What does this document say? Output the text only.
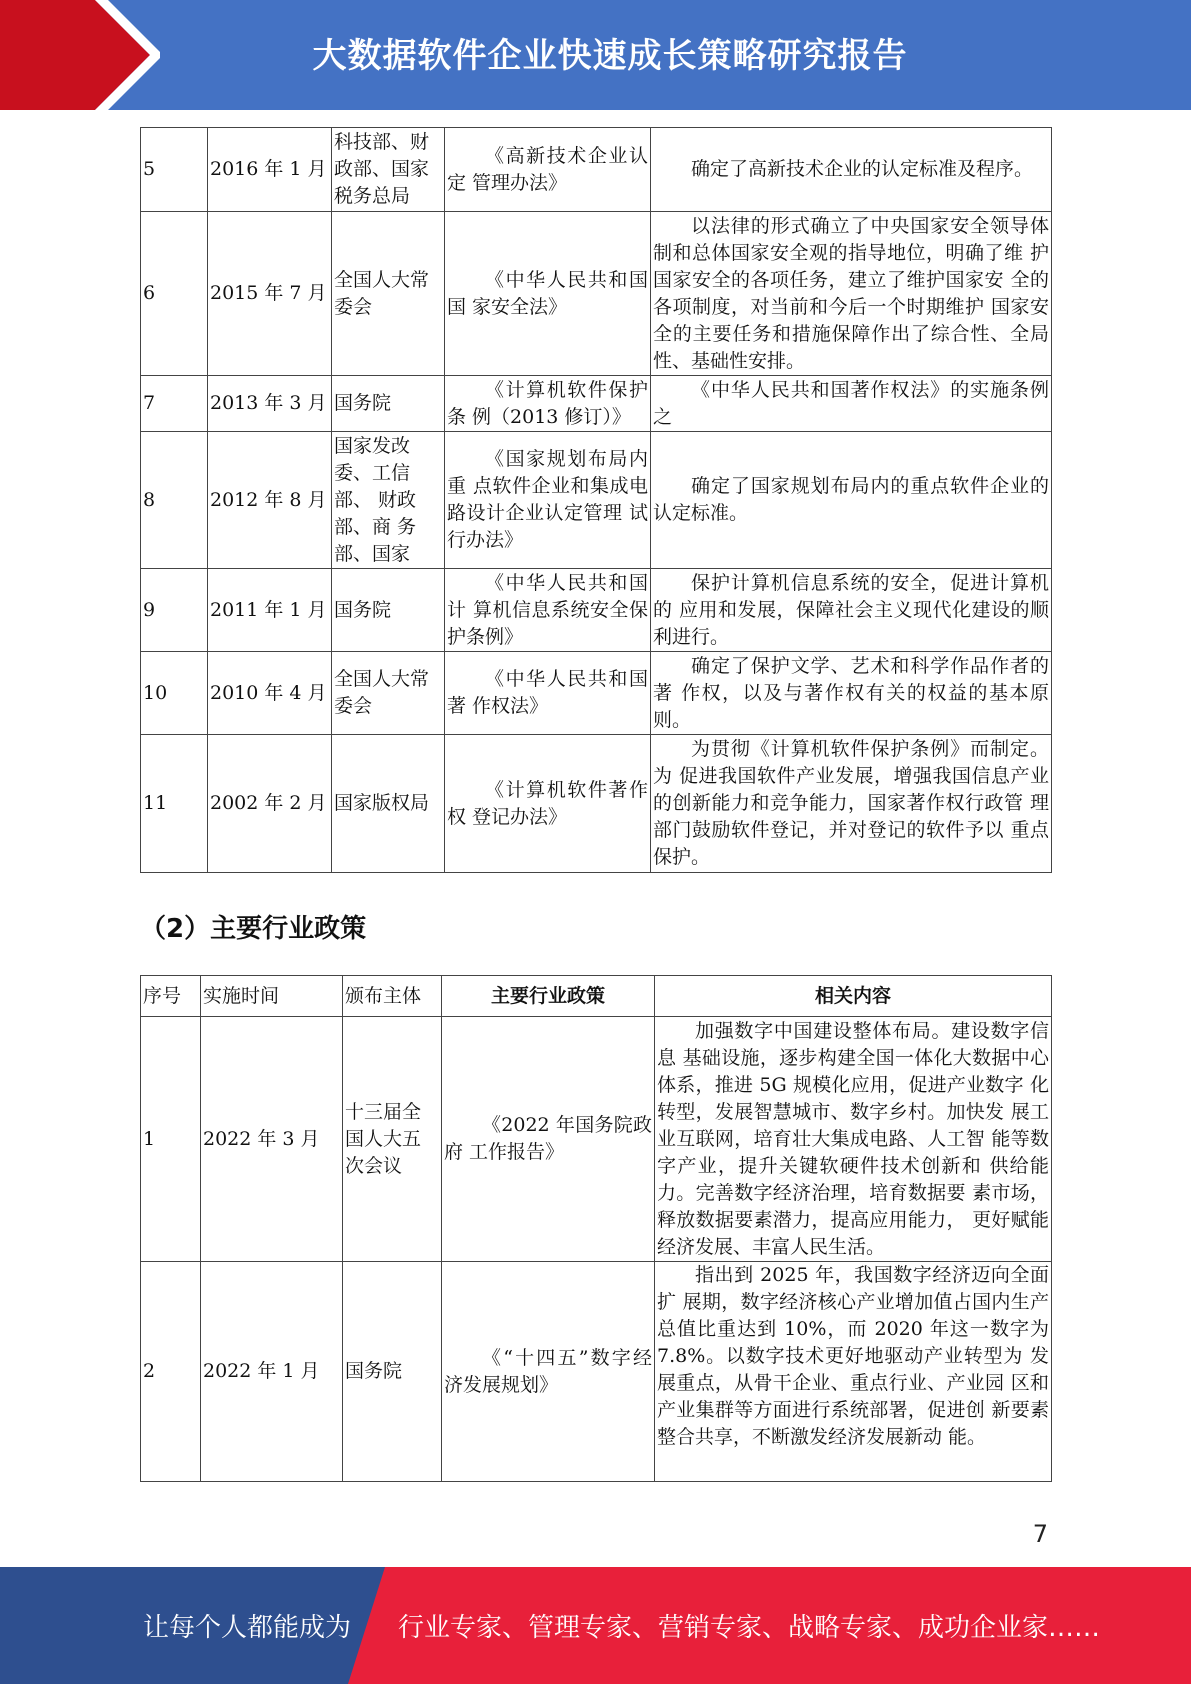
大数据软件企业快速成长策略研究报告
5	2016 年 1 月	科技部、财政部、国家税务总局	《高新技术企业认定 管理办法》	确定了高新技术企业的认定标准及程序。
6	2015 年 7 月	全国人大常委会	《中华人民共和国国 家安全法》	以法律的形式确立了中央国家安全领导体 制和总体国家安全观的指导地位，明确了维 护国家安全的各项任务，建立了维护国家安 全的各项制度，对当前和今后一个时期维护 国家安全的主要任务和措施保障作出了综合性、全局性、基础性安排。
7	2013 年 3 月	国务院	《计算机软件保护条 例（2013 修订）》	《中华人民共和国著作权法》的实施条例之

8	2012 年 8 月	国家发改委、工信部、 财政部、商 务部、国家	《国家规划布局内重 点软件企业和集成电 路设计企业认定管理 试行办法》	确定了国家规划布局内的重点软件企业的 认定标准。
9	2011 年 1 月	国务院	《中华人民共和国计 算机信息系统安全保 护条例》	保护计算机信息系统的安全，促进计算机的 应用和发展，保障社会主义现代化建设的顺 利进行。
10	2010 年 4 月	全国人大常委会	《中华人民共和国著 作权法》	确定了保护文学、艺术和科学作品作者的著 作权，以及与著作权有关的权益的基本原则。
11	2002 年 2 月	国家版权局	《计算机软件著作权 登记办法》	为贯彻《计算机软件保护条例》而制定。为 促进我国软件产业发展，增强我国信息产业 的创新能力和竞争能力，国家著作权行政管 理部门鼓励软件登记，并对登记的软件予以 重点保护。
（2）主要行业政策
序号	实施时间	颁布主体	主要行业政策	相关内容
1	2022 年 3 月	十三届全国人大五次会议	《2022 年国务院政府 工作报告》	加强数字中国建设整体布局。建设数字信息 基础设施，逐步构建全国一体化大数据中心 体系，推进 5G 规模化应用，促进产业数字 化转型，发展智慧城市、数字乡村。加快发 展工业互联网，培育壮大集成电路、人工智 能等数字产业，提升关键软硬件技术创新和 供给能力。完善数字经济治理，培育数据要 素市场，释放数据要素潜力，提高应用能力， 更好赋能经济发展、丰富人民生活。
2	2022 年 1 月	国务院	《“十四五”数字经 济发展规划》	指出到 2025 年，我国数字经济迈向全面扩 展期，数字经济核心产业增加值占国内生产 总值比重达到 10%，而 2020 年这一数字为 7.8%。以数字技术更好地驱动产业转型为 发展重点，从骨干企业、重点行业、产业园 区和产业集群等方面进行系统部署，促进创 新要素整合共享，不断激发经济发展新动 能。
7
让每个人都能成为 行业专家、管理专家、营销专家、战略专家、成功企业家……
